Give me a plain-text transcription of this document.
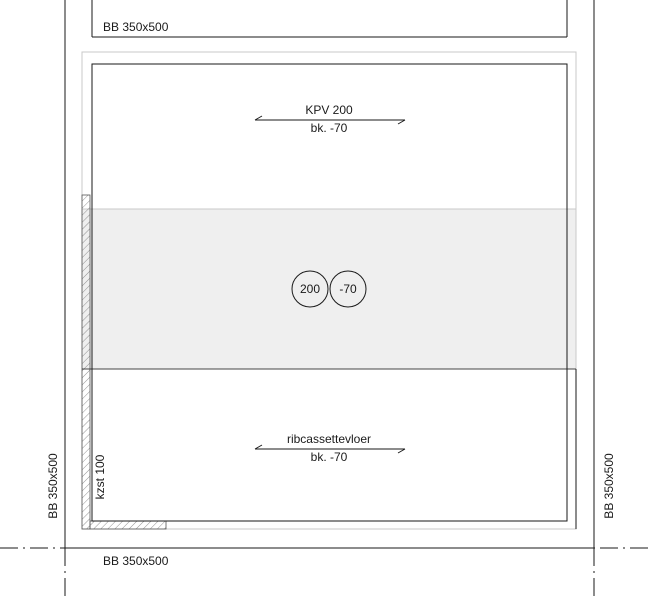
KPV 200
bk. -70
ribcassettevloer
bk. -70
200 -70
BB 350x500
BB 350x500
BB 350x500	BB 350x500
kzst 100
